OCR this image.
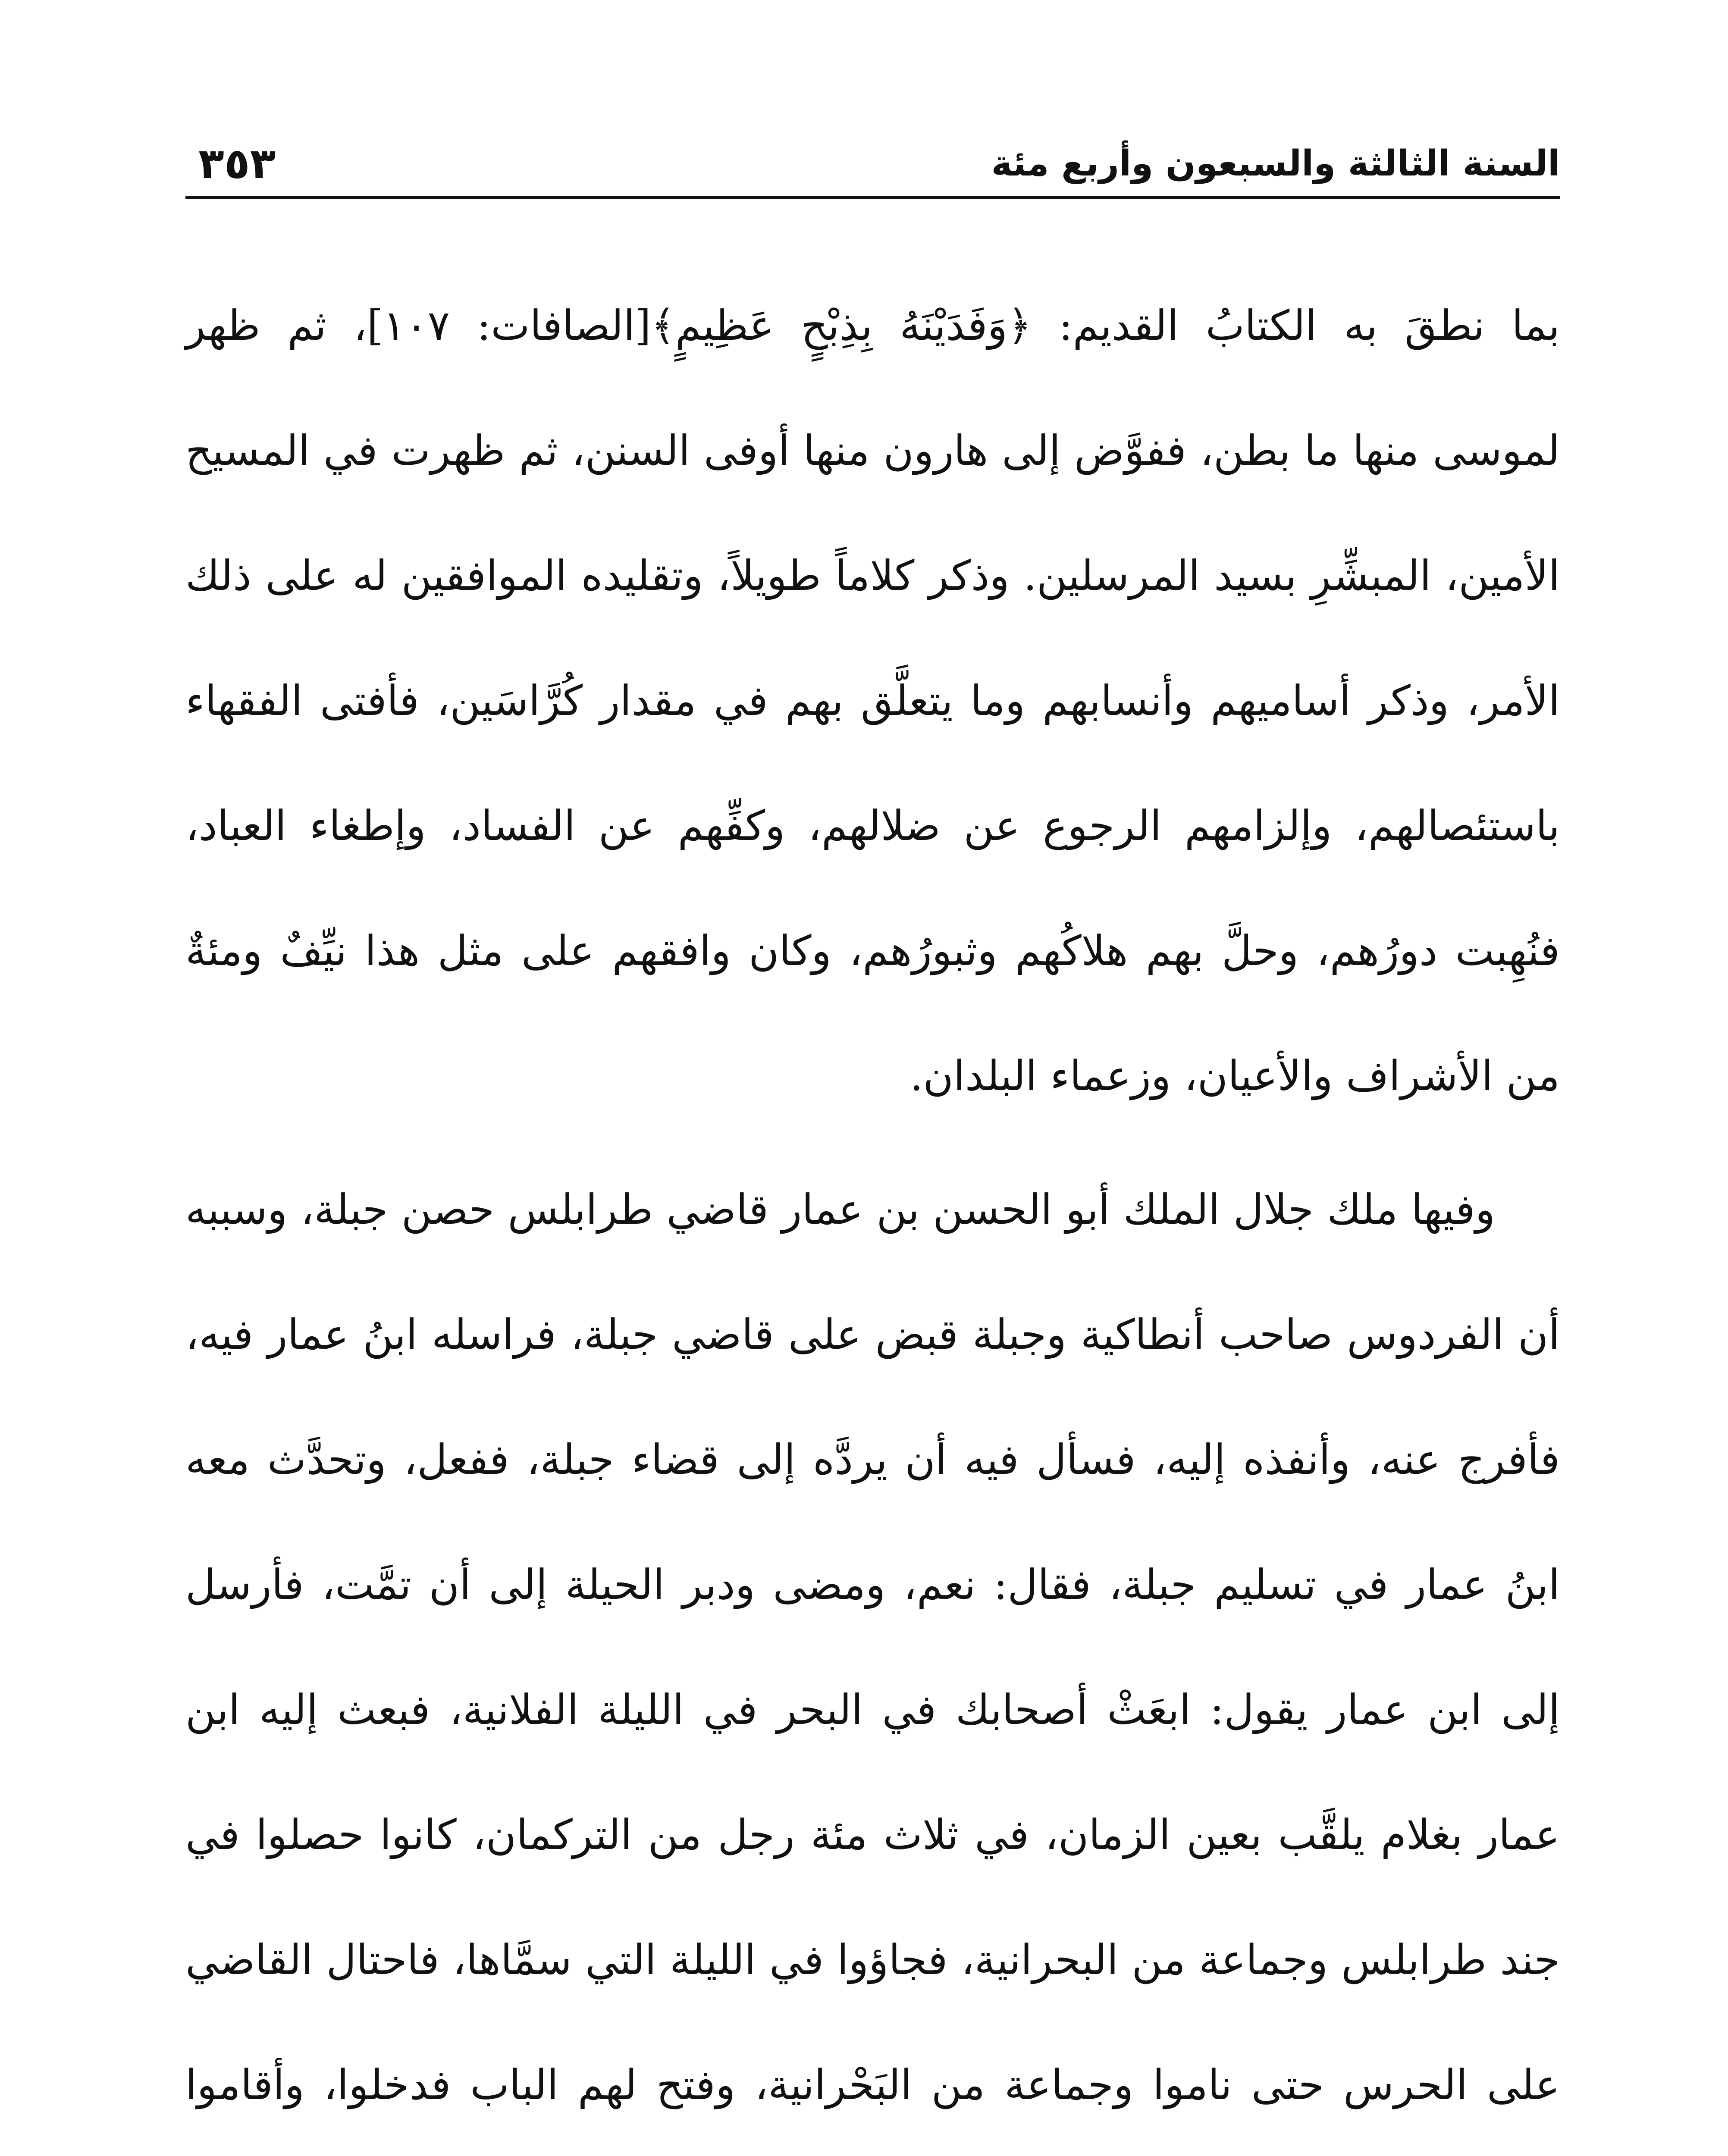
السنة الثالثة والسبعون وأربع مئة
٣٥٣

بما نطقَ به الكتابُ القديم: ﴿وَفَدَيْنَهُ بِذِبْحٍ عَظِيمٍ﴾[الصافات: ١٠٧]، ثم ظهر لموسى منها ما بطن، ففوَّض إلى هارون منها أوفى السنن، ثم ظهرت في المسيح الأمين، المبشِّرِ بسيد المرسلين. وذكر كلاماً طويلاً، وتقليده الموافقين له على ذلك الأمر، وذكر أساميهم وأنسابهم وما يتعلَّق بهم في مقدار كُرَّاسَين، فأفتى الفقهاء باستئصالهم، وإلزامهم الرجوع عن ضلالهم، وكفِّهم عن الفساد، وإطغاء العباد، فنُهِبت دورُهم، وحلَّ بهم هلاكُهم وثبورُهم، وكان وافقهم على مثل هذا نيِّفٌ ومئةٌ من الأشراف والأعيان، وزعماء البلدان.

وفيها ملك جلال الملك أبو الحسن بن عمار قاضي طرابلس حصن جبلة، وسببه أن الفردوس صاحب أنطاكية وجبلة قبض على قاضي جبلة، فراسله ابنُ عمار فيه، فأفرج عنه، وأنفذه إليه، فسأل فيه أن يردَّه إلى قضاء جبلة، ففعل، وتحدَّث معه ابنُ عمار في تسليم جبلة، فقال: نعم، ومضى ودبر الحيلة إلى أن تمَّت، فأرسل إلى ابن عمار يقول: ابعَثْ أصحابك في البحر في الليلة الفلانية، فبعث إليه ابن عمار بغلام يلقَّب بعين الزمان، في ثلاث مئة رجل من التركمان، كانوا حصلوا في جند طرابلس وجماعة من البحرانية، فجاؤوا في الليلة التي سمَّاها، فاحتال القاضي على الحرس حتى ناموا وجماعة من البَحْرانية، وفتح لهم الباب فدخلوا، وأقاموا
